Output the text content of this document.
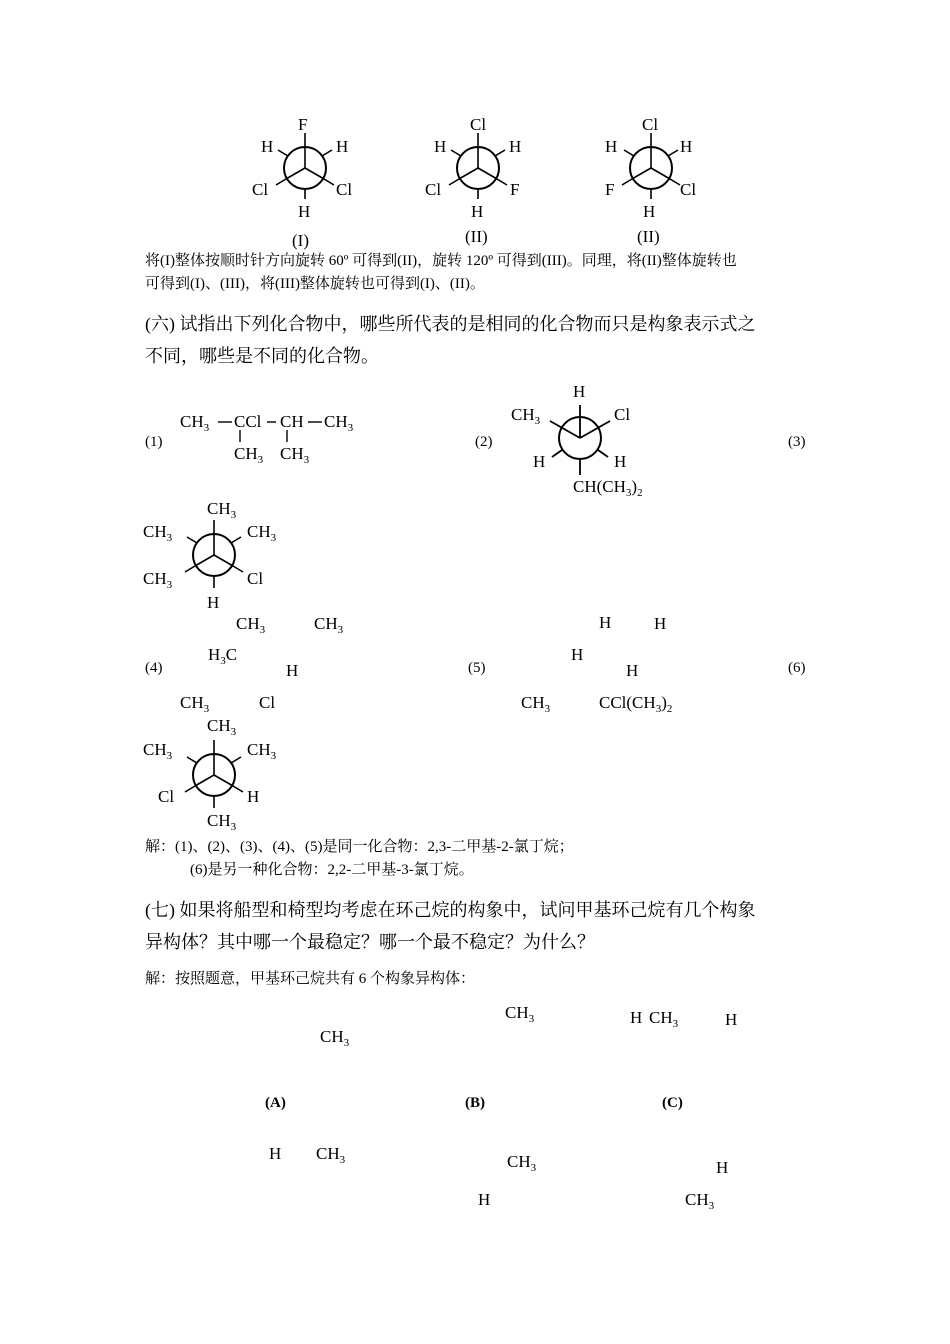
F
H	H
Cl	Cl
H
(I)
Cl
H	H
Cl	F
H
(II)
Cl
H	H
F	Cl
H
(II)
将(I)整体按顺时针方向旋转 60º 可得到(II)，旋转 120º 可得到(III)。同理，将(II)整体旋转也
可得到(I)、(III)，将(III)整体旋转也可得到(I)、(II)。
(六) 试指出下列化合物中，哪些所代表的是相同的化合物而只是构象表示式之
不同，哪些是不同的化合物。
(1)	(2)	(3)
$CH_3$ CCl CH $CH_3$
$CH_3$ $CH_3$
H
$CH_3$	Cl
H	H
$CH(CH_3)_2$
$CH_3$
$CH_3$	$CH_3$
$CH_3$	Cl
H
(4)	(5)	(6)
$CH_3$	$CH_3$
$H_3C$
H
$CH_3$	Cl
H	H
H
H
$CH_3$	$CCl(CH_3)_2$
$CH_3$
$CH_3$	$CH_3$
Cl	H
$CH_3$
解：(1)、(2)、(3)、(4)、(5)是同一化合物：2,3-二甲基-2-氯丁烷；
(6)是另一种化合物：2,2-二甲基-3-氯丁烷。
(七) 如果将船型和椅型均考虑在环己烷的构象中，试问甲基环己烷有几个构象
异构体？其中哪一个最稳定？哪一个最不稳定？为什么？
解：按照题意，甲基环己烷共有 6 个构象异构体：
$CH_3$
$CH_3$	H $CH_3$	H
(A)	(B)	(C)
H $CH_3$	$CH_3$
H
H
$CH_3$
